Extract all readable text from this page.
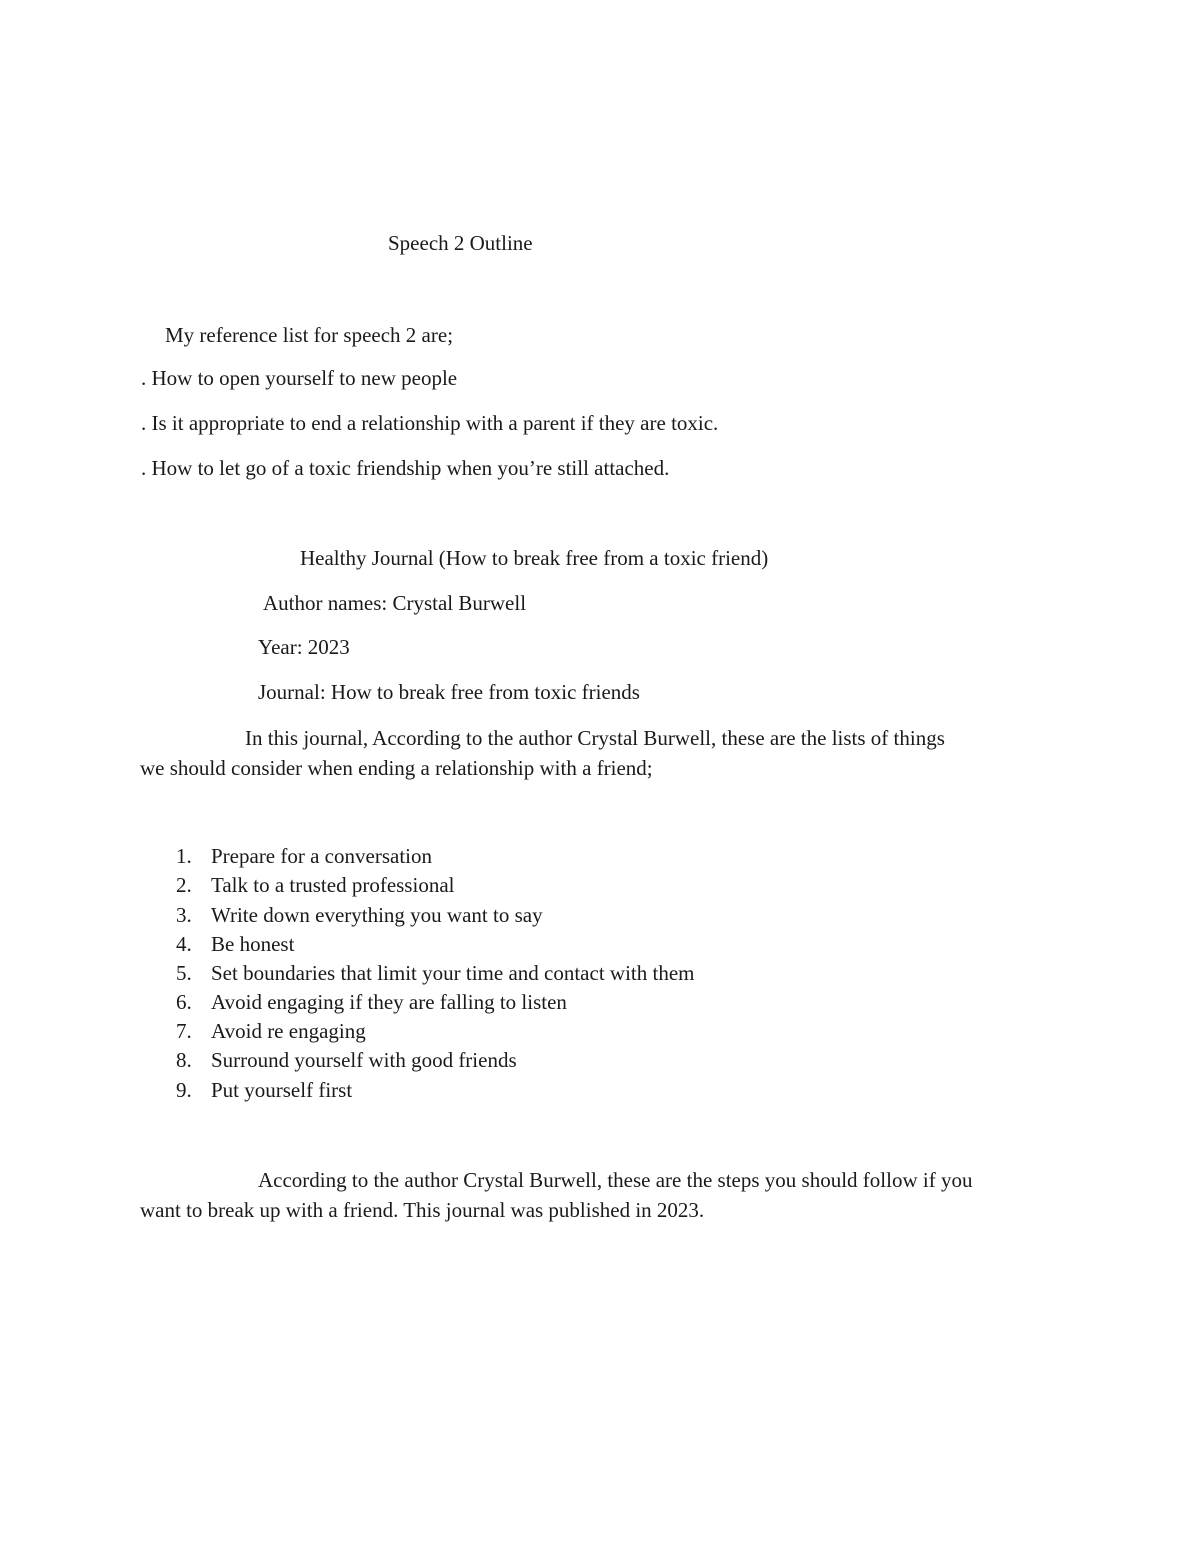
Speech 2 Outline
My reference list for speech 2 are;
. How to open yourself to new people
. Is it appropriate to end a relationship with a parent if they are toxic.
. How to let go of a toxic friendship when you’re still attached.
Healthy Journal (How to break free from a toxic friend)
Author names: Crystal Burwell
Year: 2023
Journal: How to break free from toxic friends
In this journal, According to the author Crystal Burwell, these are the lists of things
we should consider when ending a relationship with a friend;
1. Prepare for a conversation
2. Talk to a trusted professional
3. Write down everything you want to say
4. Be honest
5. Set boundaries that limit your time and contact with them
6. Avoid engaging if they are falling to listen
7. Avoid re engaging
8. Surround yourself with good friends
9. Put yourself first
According to the author Crystal Burwell, these are the steps you should follow if you
want to break up with a friend. This journal was published in 2023.
